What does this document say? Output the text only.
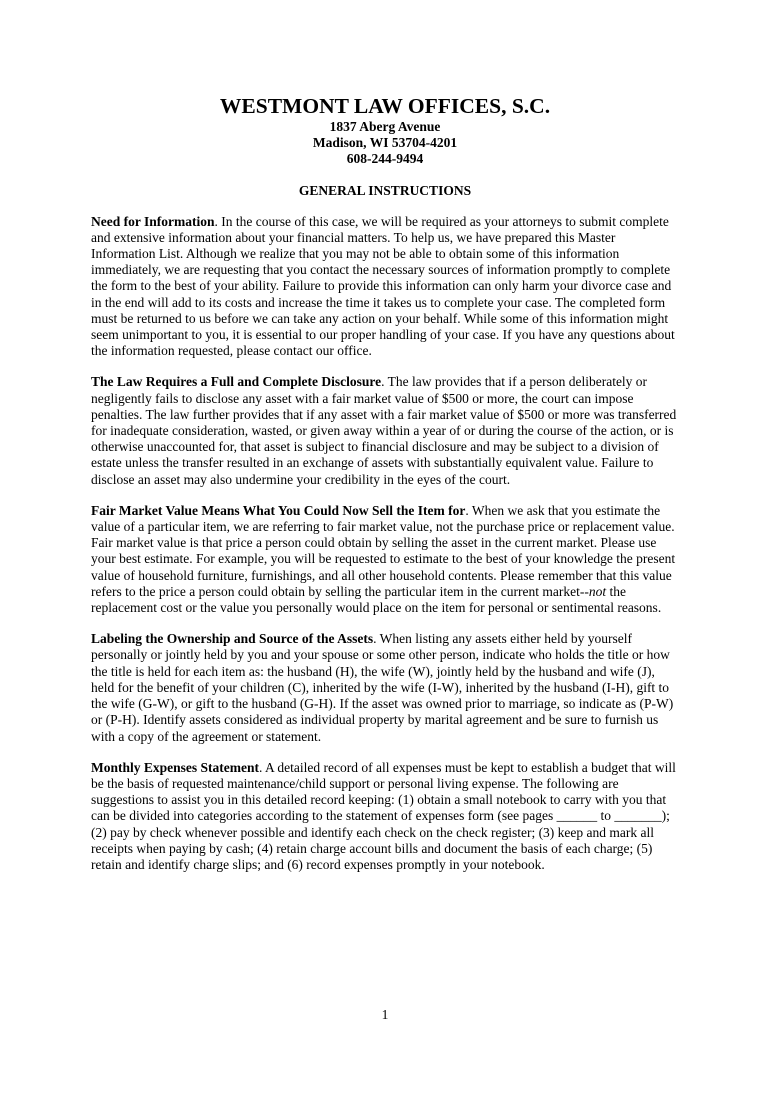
WESTMONT LAW OFFICES, S.C.
1837 Aberg Avenue
Madison, WI 53704-4201
608-244-9494
GENERAL INSTRUCTIONS

Need for Information. In the course of this case, we will be required as your attorneys to submit complete and extensive information about your financial matters. To help us, we have prepared this Master Information List. Although we realize that you may not be able to obtain some of this information immediately, we are requesting that you contact the necessary sources of information promptly to complete the form to the best of your ability. Failure to provide this information can only harm your divorce case and in the end will add to its costs and increase the time it takes us to complete your case. The completed form must be returned to us before we can take any action on your behalf. While some of this information might seem unimportant to you, it is essential to our proper handling of your case. If you have any questions about the information requested, please contact our office.

The Law Requires a Full and Complete Disclosure. The law provides that if a person deliberately or negligently fails to disclose any asset with a fair market value of $500 or more, the court can impose penalties. The law further provides that if any asset with a fair market value of $500 or more was transferred for inadequate consideration, wasted, or given away within a year of or during the course of the action, or is otherwise unaccounted for, that asset is subject to financial disclosure and may be subject to a division of estate unless the transfer resulted in an exchange of assets with substantially equivalent value. Failure to disclose an asset may also undermine your credibility in the eyes of the court.

Fair Market Value Means What You Could Now Sell the Item for. When we ask that you estimate the value of a particular item, we are referring to fair market value, not the purchase price or replacement value. Fair market value is that price a person could obtain by selling the asset in the current market. Please use your best estimate. For example, you will be requested to estimate to the best of your knowledge the present value of household furniture, furnishings, and all other household contents. Please remember that this value refers to the price a person could obtain by selling the particular item in the current market--not the replacement cost or the value you personally would place on the item for personal or sentimental reasons.

Labeling the Ownership and Source of the Assets. When listing any assets either held by yourself personally or jointly held by you and your spouse or some other person, indicate who holds the title or how the title is held for each item as: the husband (H), the wife (W), jointly held by the husband and wife (J), held for the benefit of your children (C), inherited by the wife (I-W), inherited by the husband (I-H), gift to the wife (G-W), or gift to the husband (G-H). If the asset was owned prior to marriage, so indicate as (P-W) or (P-H). Identify assets considered as individual property by marital agreement and be sure to furnish us with a copy of the agreement or statement.

Monthly Expenses Statement. A detailed record of all expenses must be kept to establish a budget that will be the basis of requested maintenance/child support or personal living expense. The following are suggestions to assist you in this detailed record keeping: (1) obtain a small notebook to carry with you that can be divided into categories according to the statement of expenses form (see pages ______ to _______); (2) pay by check whenever possible and identify each check on the check register; (3) keep and mark all receipts when paying by cash; (4) retain charge account bills and document the basis of each charge; (5) retain and identify charge slips; and (6) record expenses promptly in your notebook.

1
